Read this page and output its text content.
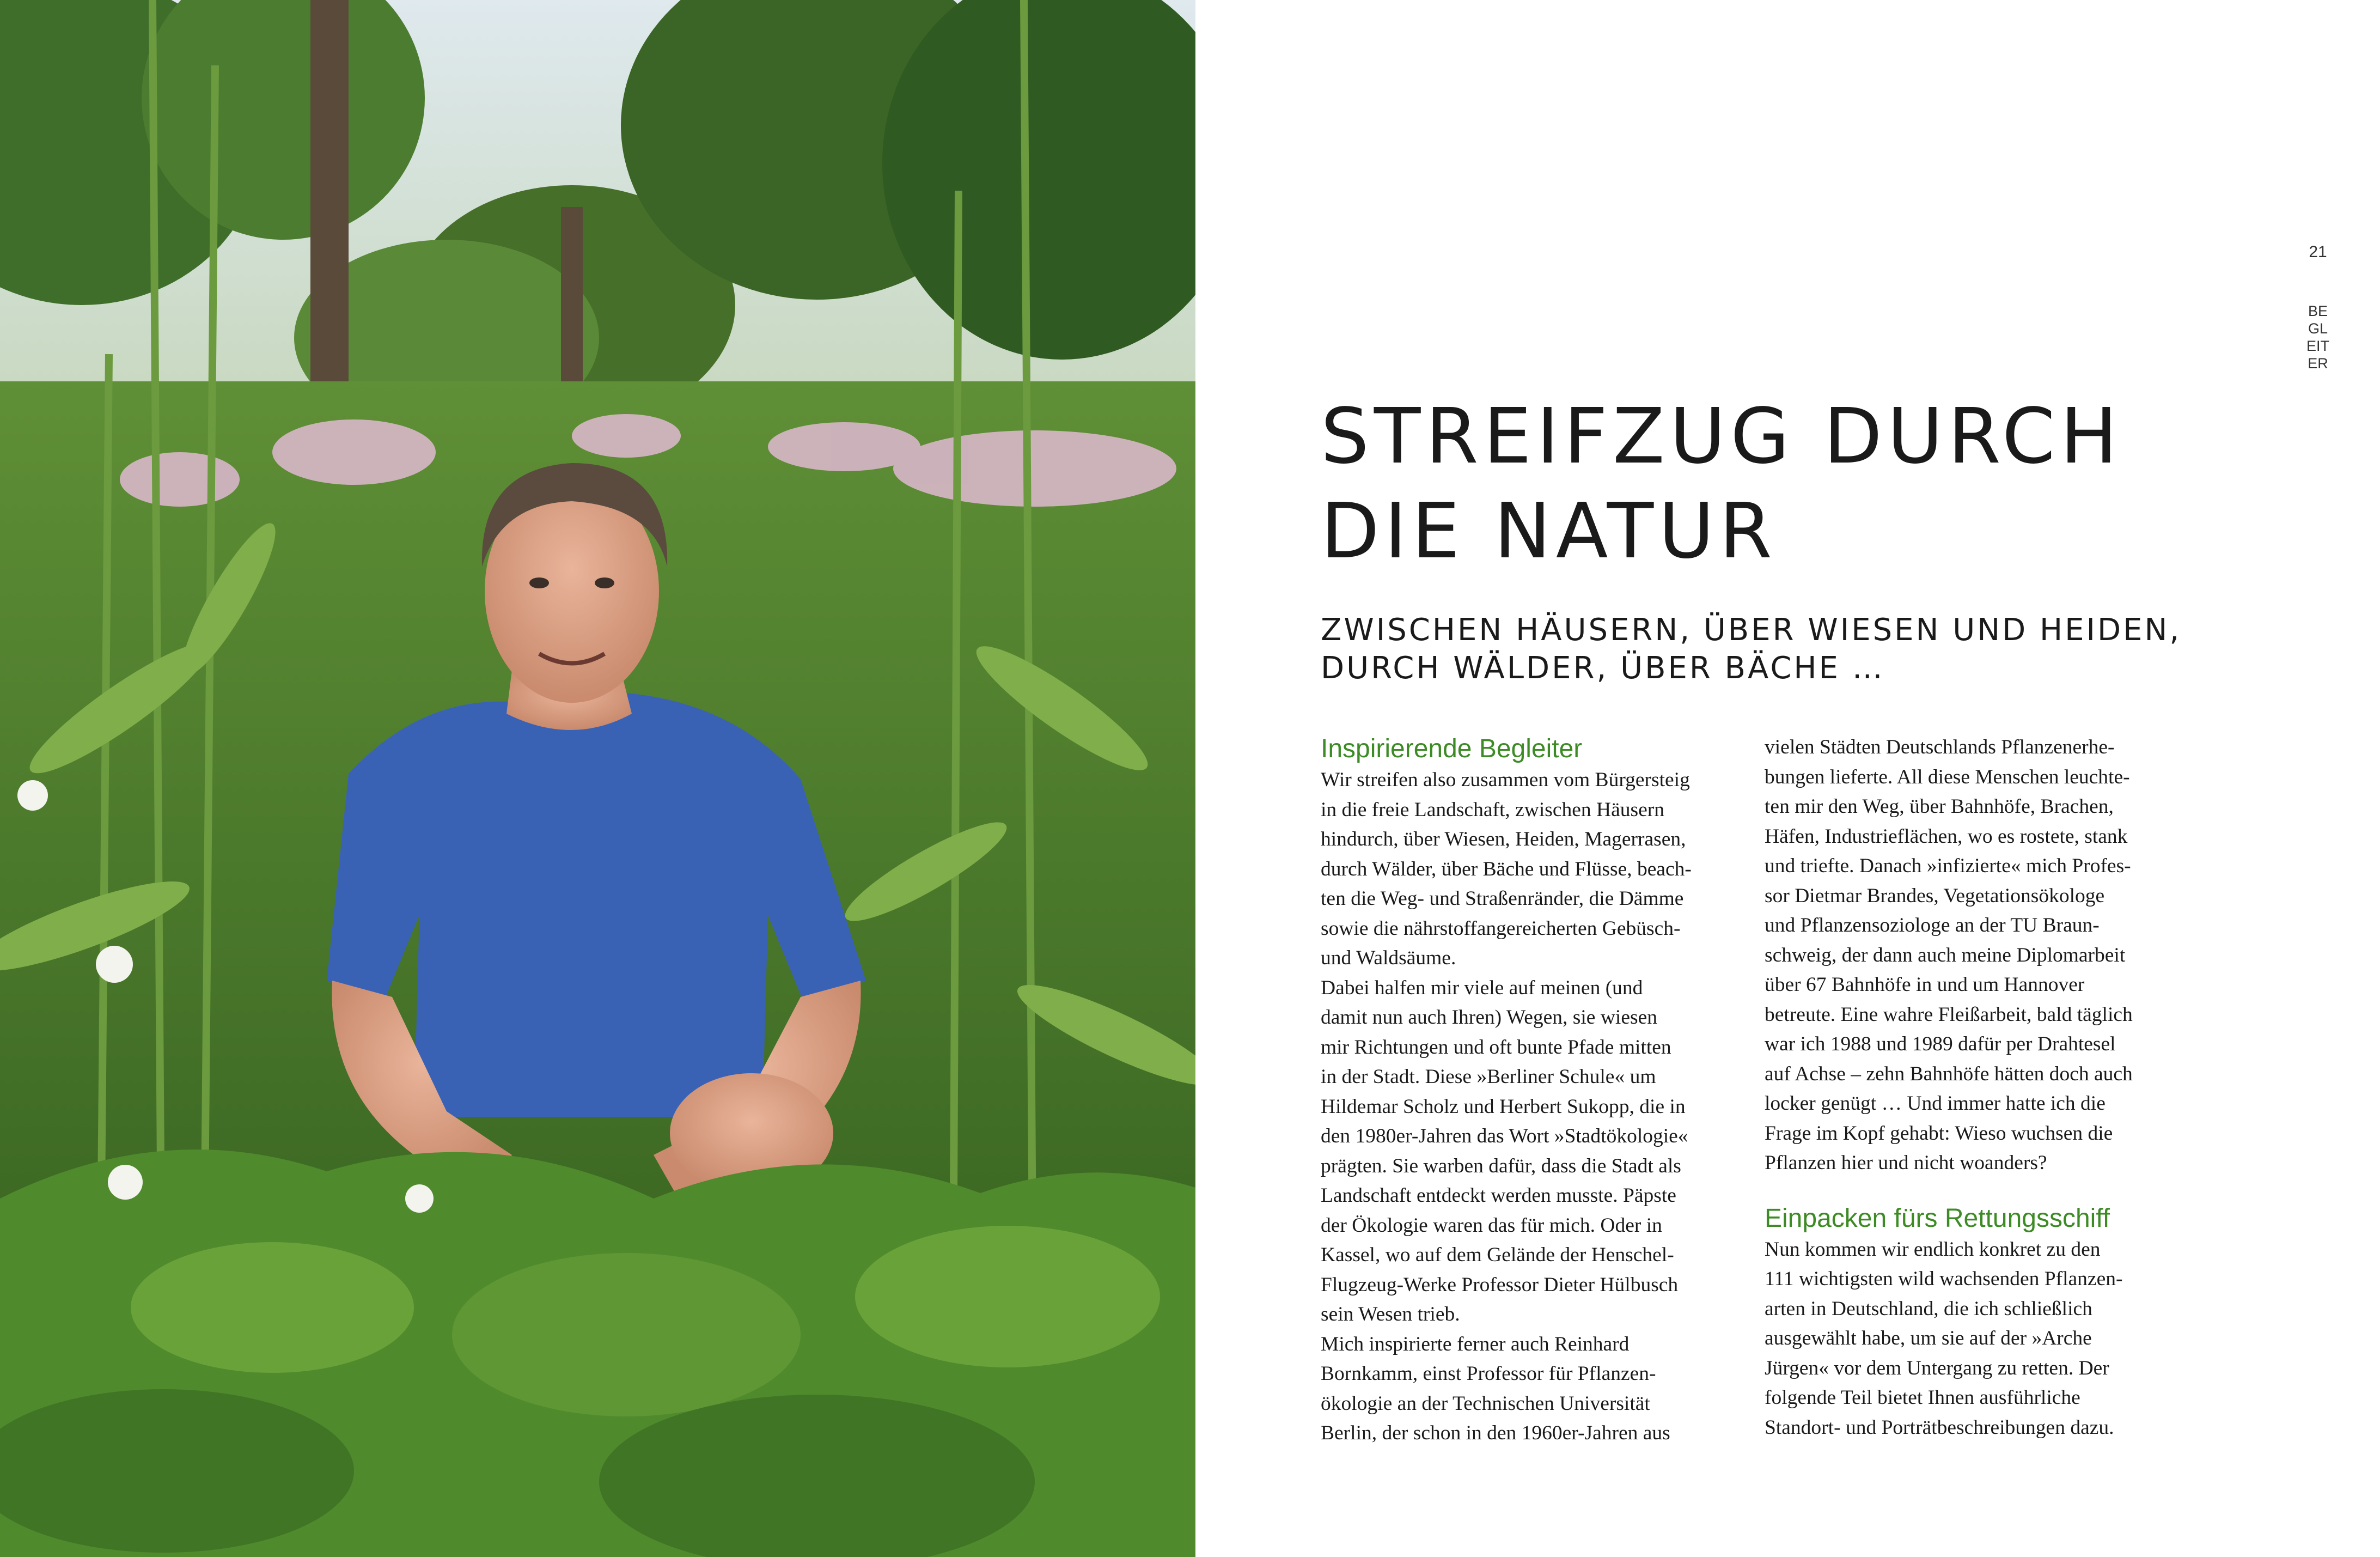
21
BEGLEITER
STREIFZUG DURCH DIE NATUR
ZWISCHEN HÄUSERN, ÜBER WIESEN UND HEIDEN, DURCH WÄLDER, ÜBER BÄCHE …
Inspirierende Begleiter

Wir streifen also zusammen vom Bürgersteig
in die freie Landschaft, zwischen Häusern
hindurch, über Wiesen, Heiden, Magerrasen,
durch Wälder, über Bäche und Flüsse, beach-
ten die Weg- und Straßenränder, die Dämme
sowie die nährstoffangereicherten Gebüsch-
und Waldsäume.

Dabei halfen mir viele auf meinen (und
damit nun auch Ihren) Wegen, sie wiesen
mir Richtungen und oft bunte Pfade mitten
in der Stadt. Diese »Berliner Schule« um
Hildemar Scholz und Herbert Sukopp, die in
den 1980er-Jahren das Wort »Stadtökologie«
prägten. Sie warben dafür, dass die Stadt als
Landschaft entdeckt werden musste. Päpste
der Ökologie waren das für mich. Oder in
Kassel, wo auf dem Gelände der Henschel-
Flugzeug-Werke Professor Dieter Hülbusch
sein Wesen trieb.

Mich inspirierte ferner auch Reinhard
Bornkamm, einst Professor für Pflanzen-
ökologie an der Technischen Universität
Berlin, der schon in den 1960er-Jahren aus

vielen Städten Deutschlands Pflanzenerhe-
bungen lieferte. All diese Menschen leuchte-
ten mir den Weg, über Bahnhöfe, Brachen,
Häfen, Industrieflächen, wo es rostete, stank
und triefte. Danach »infizierte« mich Profes-
sor Dietmar Brandes, Vegetationsökologe
und Pflanzensoziologe an der TU Braun-
schweig, der dann auch meine Diplomarbeit
über 67 Bahnhöfe in und um Hannover
betreute. Eine wahre Fleißarbeit, bald täglich
war ich 1988 und 1989 dafür per Drahtesel
auf Achse – zehn Bahnhöfe hätten doch auch
locker genügt … Und immer hatte ich die
Frage im Kopf gehabt: Wieso wuchsen die
Pflanzen hier und nicht woanders?

Einpacken fürs Rettungsschiff

Nun kommen wir endlich konkret zu den
111 wichtigsten wild wachsenden Pflanzen-
arten in Deutschland, die ich schließlich
ausgewählt habe, um sie auf der »Arche
Jürgen« vor dem Untergang zu retten. Der
folgende Teil bietet Ihnen ausführliche
Standort- und Porträtbeschreibungen dazu.
